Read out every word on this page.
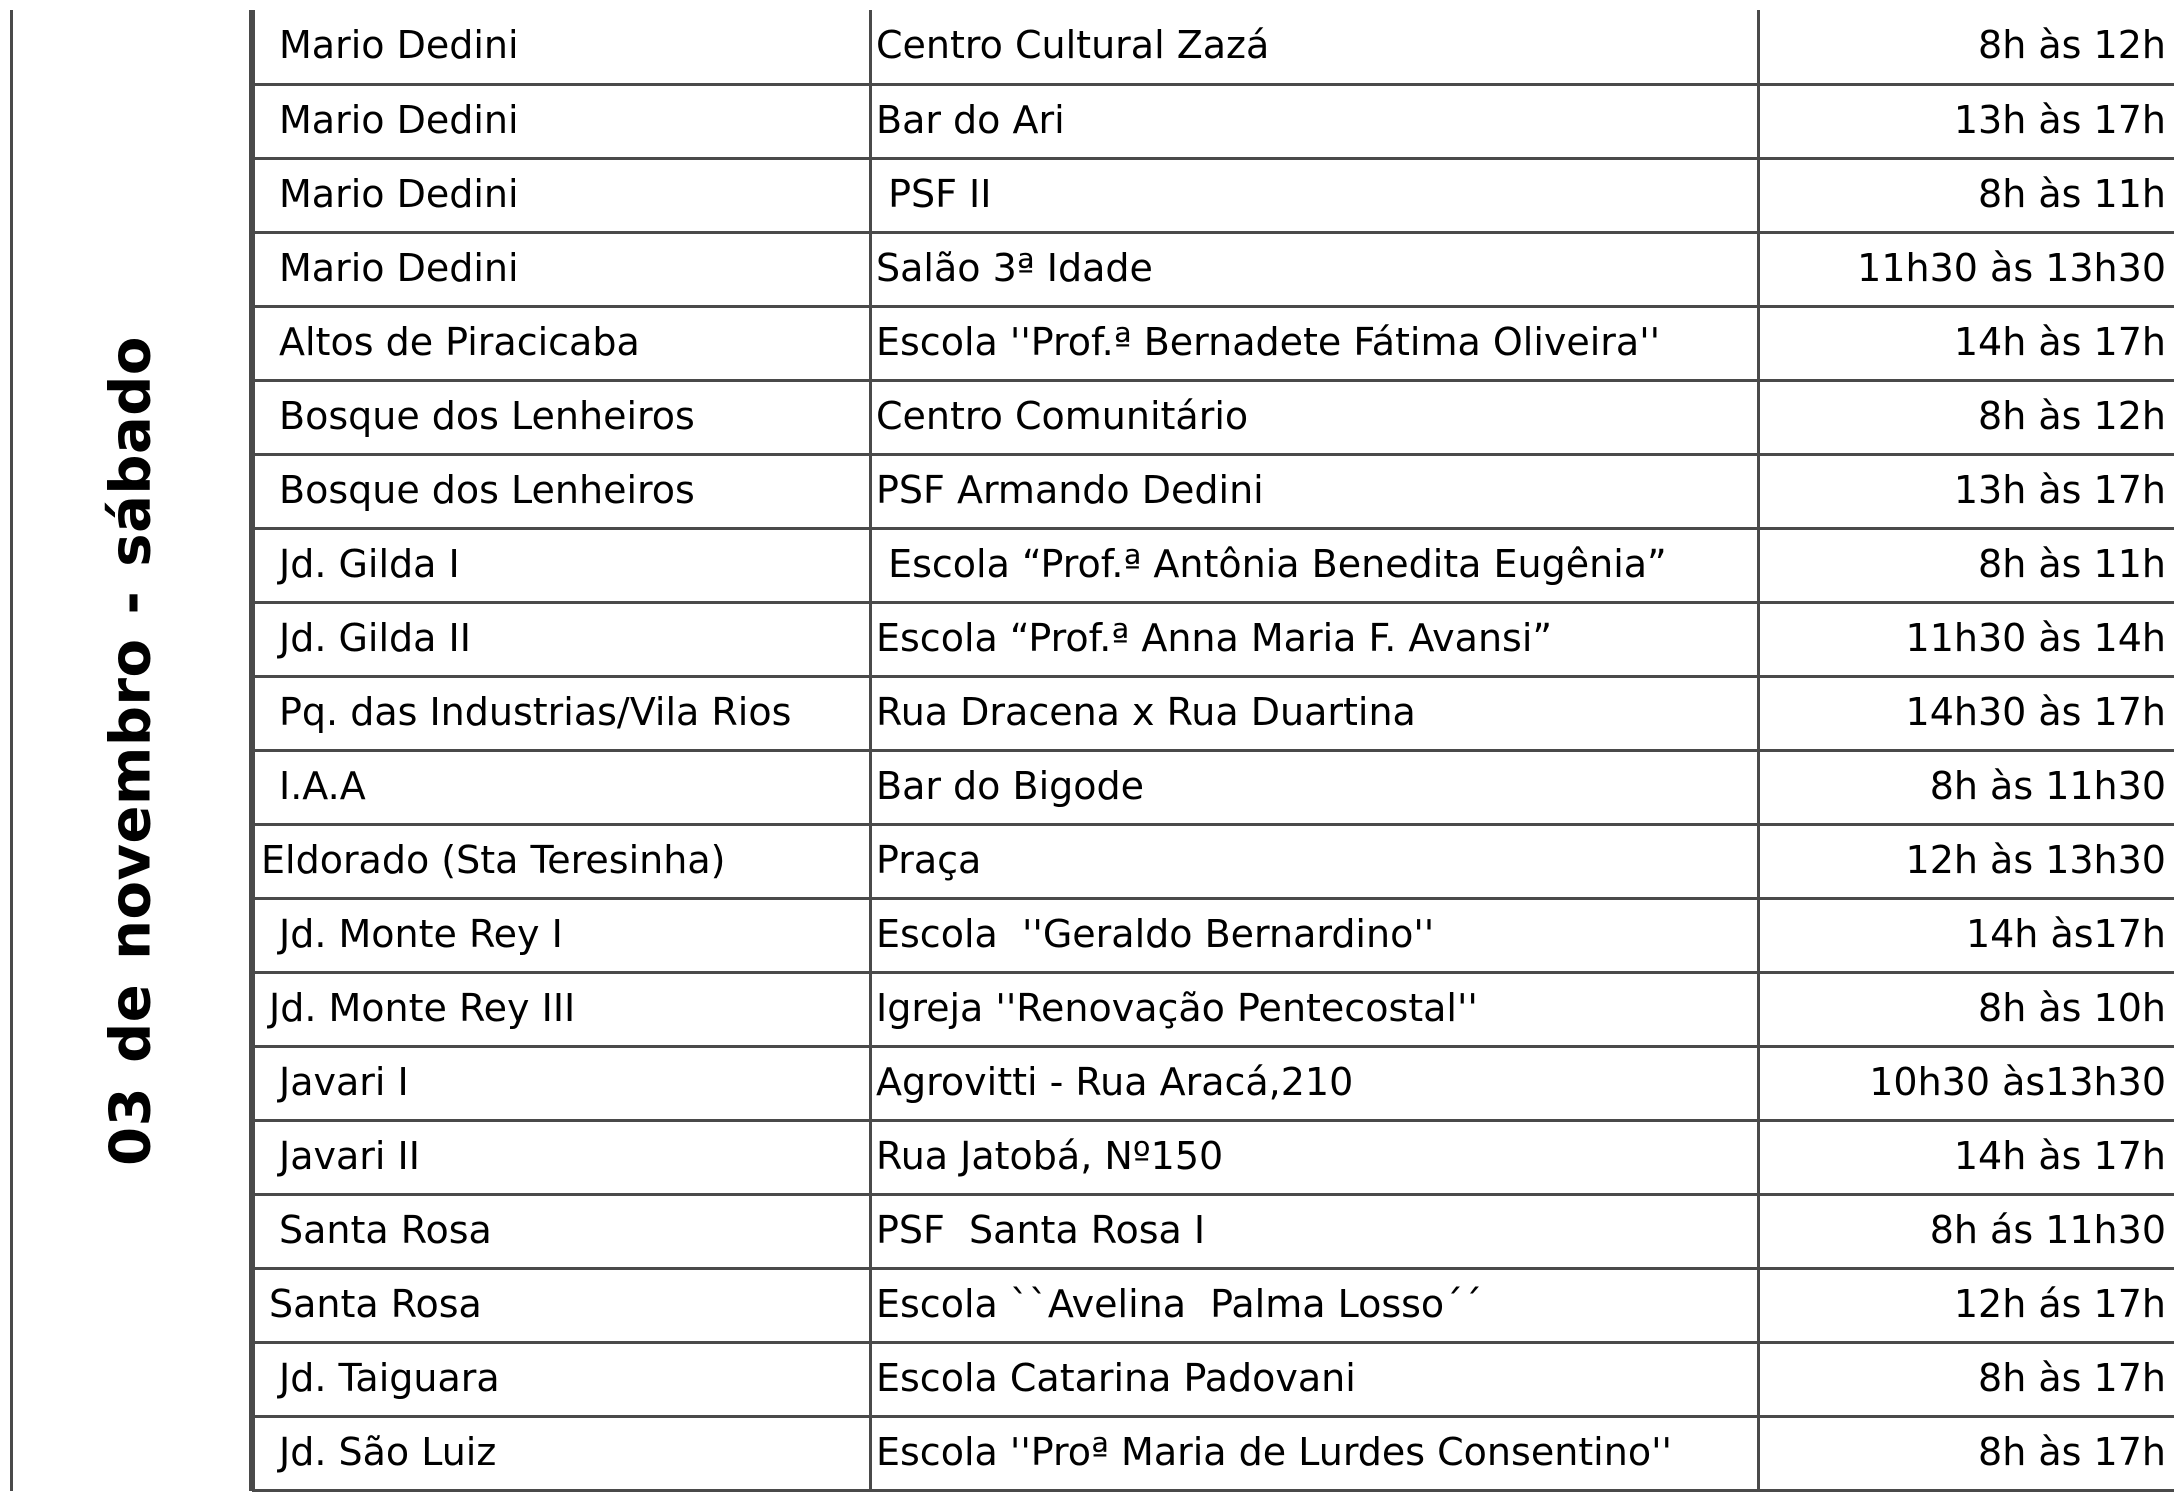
03 de novembro - sábado
Mario Dedini	Centro Cultural Zazá	8h às 12h
Mario Dedini	Bar do Ari	13h às 17h
Mario Dedini	PSF II	8h às 11h
Mario Dedini	Salão 3ª Idade	11h30 às 13h30
Altos de Piracicaba	Escola ''Prof.ª Bernadete Fátima Oliveira''	14h às 17h
Bosque dos Lenheiros	Centro Comunitário	8h às 12h
Bosque dos Lenheiros	PSF Armando Dedini	13h às 17h
Jd. Gilda I	Escola “Prof.ª Antônia Benedita Eugênia”	8h às 11h
Jd. Gilda II	Escola “Prof.ª Anna Maria F. Avansi”	11h30 às 14h
Pq. das Industrias/Vila Rios	Rua Dracena x Rua Duartina	14h30 às 17h
I.A.A	Bar do Bigode	8h às 11h30
Eldorado (Sta Teresinha)	Praça	12h às 13h30
Jd. Monte Rey I	Escola  ''Geraldo Bernardino''	14h às17h
Jd. Monte Rey III	Igreja ''Renovação Pentecostal''	8h às 10h
Javari I	Agrovitti - Rua Aracá,210	10h30 às13h30
Javari II	Rua Jatobá, Nº150	14h às 17h
Santa Rosa	PSF  Santa Rosa I	8h ás 11h30
Santa Rosa	Escola ``Avelina  Palma Losso´´	12h ás 17h
Jd. Taiguara	Escola Catarina Padovani	8h às 17h
Jd. São Luiz	Escola ''Proª Maria de Lurdes Consentino''	8h às 17h
